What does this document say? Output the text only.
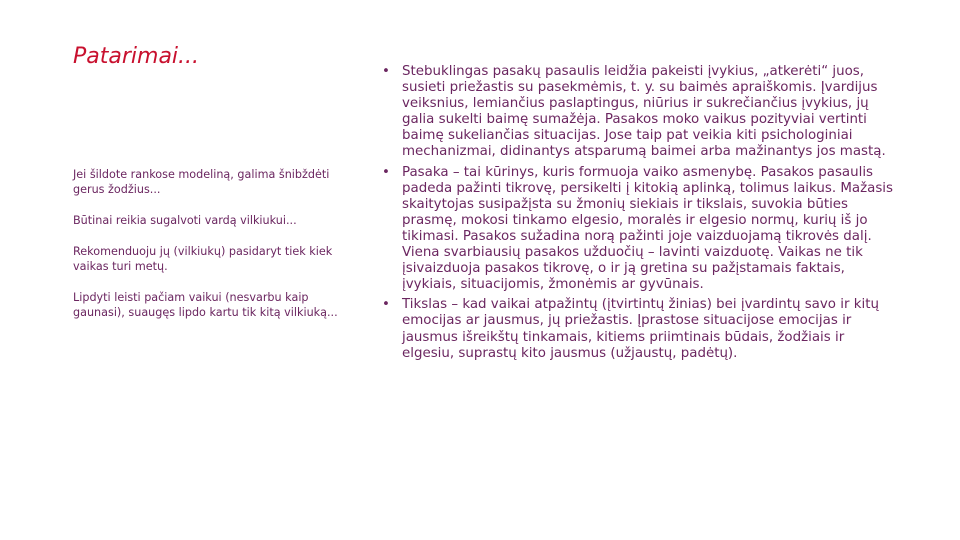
Patarimai...

Jei šildote rankose modeliną, galima šnibždėti gerus žodžius...

Būtinai reikia sugalvoti vardą vilkiukui...

Rekomenduoju jų (vilkiukų) pasidaryt tiek kiek vaikas turi metų.

Lipdyti leisti pačiam vaikui (nesvarbu kaip gaunasi), suaugęs lipdo kartu tik kitą vilkiuką...

• Stebuklingas pasakų pasaulis leidžia pakeisti įvykius, „atkerėti“ juos, susieti priežastis su pasekmėmis, t. y. su baimės apraiškomis. Įvardijus veiksnius, lemiančius paslaptingus, niūrius ir sukrečiančius įvykius, jų galia sukelti baimę sumažėja. Pasakos moko vaikus pozityviai vertinti baimę sukeliančias situacijas. Jose taip pat veikia kiti psichologiniai mechanizmai, didinantys atsparumą baimei arba mažinantys jos mastą.
• Pasaka – tai kūrinys, kuris formuoja vaiko asmenybę. Pasakos pasaulis padeda pažinti tikrovę, persikelti į kitokią aplinką, tolimus laikus. Mažasis skaitytojas susipažįsta su žmonių siekiais ir tikslais, suvokia būties prasmę, mokosi tinkamo elgesio, moralės ir elgesio normų, kurių iš jo tikimasi. Pasakos sužadina norą pažinti joje vaizduojamą tikrovės dalį. Viena svarbiausių pasakos užduočių – lavinti vaizduotę. Vaikas ne tik įsivaizduoja pasakos tikrovę, o ir ją gretina su pažįstamais faktais, įvykiais, situacijomis, žmonėmis ar gyvūnais.
• Tikslas – kad vaikai atpažintų (įtvirtintų žinias) bei įvardintų savo ir kitų emocijas ar jausmus, jų priežastis. Įprastose situacijose emocijas ir jausmus išreikštų tinkamais, kitiems priimtinais būdais, žodžiais ir elgesiu, suprastų kito jausmus (užjaustų, padėtų).
